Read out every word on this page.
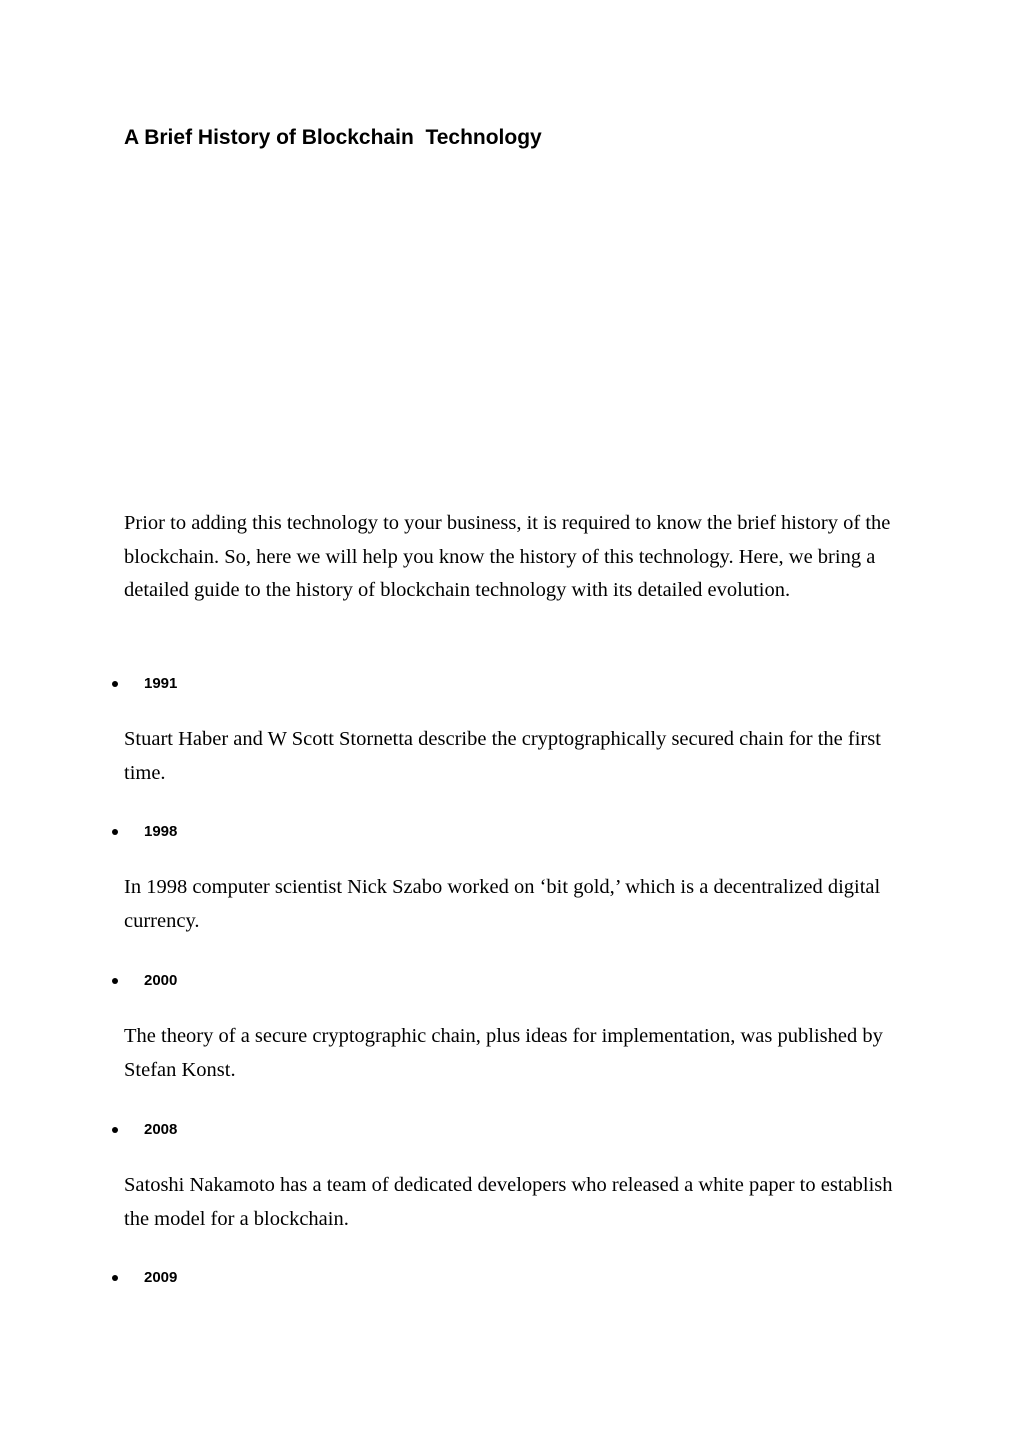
A Brief History of Blockchain  Technology

Prior to adding this technology to your business, it is required to know the brief history of the blockchain. So, here we will help you know the history of this technology. Here, we bring a detailed guide to the history of blockchain technology with its detailed evolution.

1991

Stuart Haber and W Scott Stornetta describe the cryptographically secured chain for the first time.

1998

In 1998 computer scientist Nick Szabo worked on ‘bit gold,’ which is a decentralized digital currency.

2000

The theory of a secure cryptographic chain, plus ideas for implementation, was published by Stefan Konst.

2008

Satoshi Nakamoto has a team of dedicated developers who released a white paper to establish the model for a blockchain.

2009
